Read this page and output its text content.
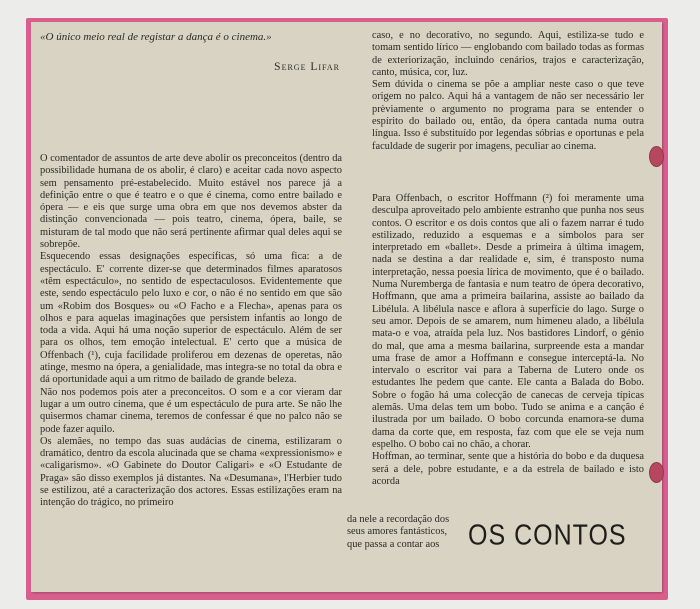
«O único meio real de registar a dança é o cinema.»
Serge Lifar

O comentador de assuntos de arte deve abolir os preconceitos (dentro da possibilidade humana de os abolir, é claro) e aceitar cada novo aspecto sem pensamento pré-estabelecido. Muito estável nos parece já a definição entre o que é teatro e o que é cinema, como entre bailado e ópera — e eis que surge uma obra em que nos devemos abster da distinção convencionada — pois teatro, cinema, ópera, baile, se misturam de tal modo que não será pertinente afirmar qual deles aqui se sobrepõe.

Esquecendo essas designações específicas, só uma fica: a de espectáculo. E' corrente dizer-se que determinados filmes aparatosos «têm espectáculo», no sentido de espectaculosos. Evidentemente que este, sendo espectáculo pelo luxo e cor, o não é no sentido em que são um «Robim dos Bosques» ou «O Facho e a Flecha», apenas para os olhos e para aquelas imaginações que persistem infantis ao longo de toda a vida. Aqui há uma noção superior de espectáculo. Além de ser para os olhos, tem emoção intelectual. E' certo que a música de Offenbach (¹), cuja facilidade proliferou em dezenas de operetas, não atinge, mesmo na ópera, a genialidade, mas integra-se no total da obra e dá oportunidade aqui a um ritmo de bailado de grande beleza.

Não nos podemos pois ater a preconceitos. O som e a cor vieram dar lugar a um outro cinema, que é um espectáculo de pura arte. Se não lhe quisermos chamar cinema, teremos de confessar é que no palco não se pode fazer aquilo.

Os alemães, no tempo das suas audácias de cinema, estilizaram o dramático, dentro da escola alucinada que se chama «expressionismo» e «caligarismo». «O Gabinete do Doutor Caligari» e «O Estudante de Praga» são disso exemplos já distantes. Na «Desumana», l'Herbier tudo se estilizou, até a caracterização dos actores. Essas estilizações eram na intenção do trágico, no primeiro

caso, e no decorativo, no segundo. Aqui, estiliza-se tudo e tomam sentido lírico — englobando com bailado todas as formas de exteriorização, incluindo cenários, trajos e caracterização, canto, música, cor, luz.

Sem dúvida o cinema se põe a ampliar neste caso o que teve origem no palco. Aqui há a vantagem de não ser necessário ler prèviamente o argumento no programa para se entender o espírito do bailado ou, então, da ópera cantada numa outra língua. Isso é substituído por legendas sóbrias e oportunas e pela faculdade de sugerir por imagens, peculiar ao cinema.

Para Offenbach, o escritor Hoffmann (²) foi meramente uma desculpa aproveitado pelo ambiente estranho que punha nos seus contos. O escritor e os dois contos que ali o fazem narrar é tudo estilizado, reduzido a esquemas e a símbolos para ser interpretado em «ballet». Desde a primeira à última imagem, nada se destina a dar realidade e, sim, é transposto numa interpretação, nessa poesia lírica de movimento, que é o bailado. Numa Nuremberga de fantasia e num teatro de ópera decorativo, Hoffmann, que ama a primeira bailarina, assiste ao bailado da Libélula. A libélula nasce e aflora à superfície do lago. Surge o seu amor. Depois de se amarem, num himeneu alado, a libélula mata-o e voa, atraída pela luz. Nos bastidores Lindorf, o génio do mal, que ama a mesma bailarina, surpreende esta a mandar uma frase de amor a Hoffmann e consegue interceptá-la. No intervalo o escritor vai para a Taberna de Lutero onde os estudantes lhe pedem que cante. Ele canta a Balada do Bobo. Sobre o fogão há uma colecção de canecas de cerveja típicas alemãs. Uma delas tem um bobo. Tudo se anima e a canção é ilustrada por um bailado. O bobo corcunda enamora-se duma dama da corte que, em resposta, faz com que ele se veja num espelho. O bobo cai no chão, a chorar.

Hoffman, ao terminar, sente que a história do bobo e da duquesa será a dele, pobre estudante, e a da estrela de bailado e isto acorda

da nele a recordação dos seus amores fantásticos, que passa a contar aos	OS CONTOS
